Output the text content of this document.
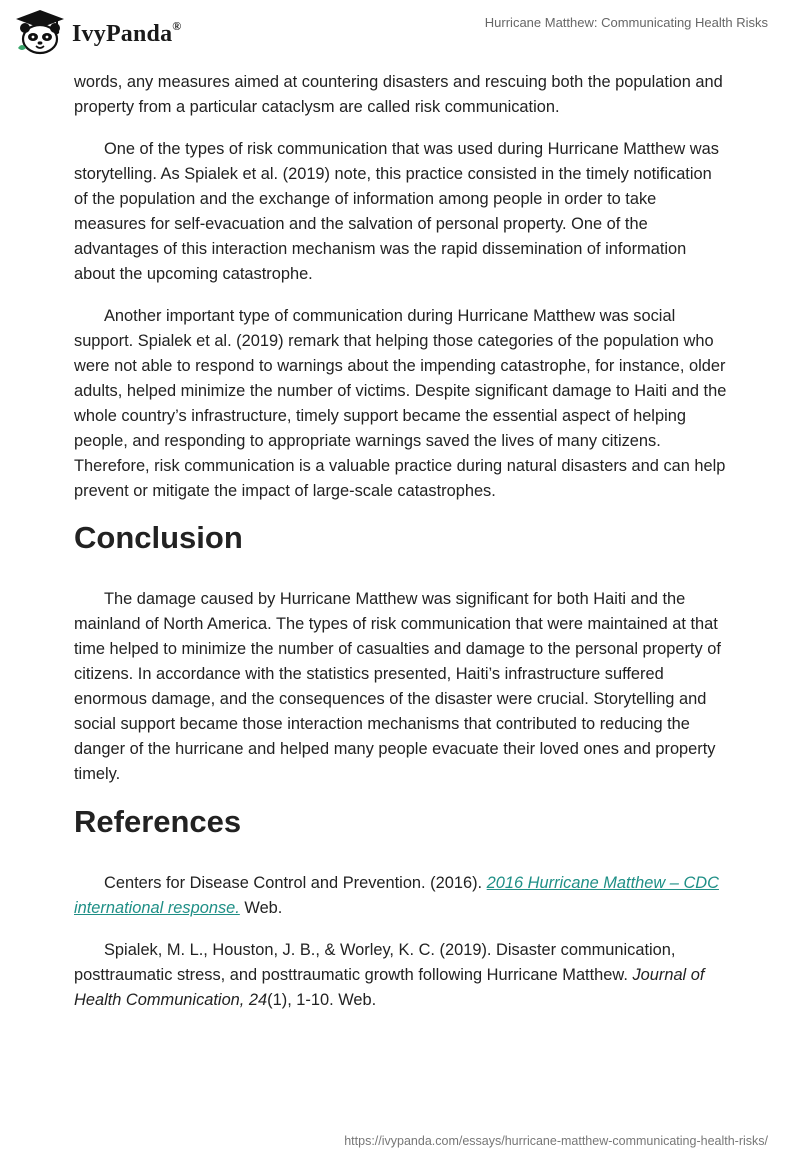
IvyPanda®	Hurricane Matthew: Communicating Health Risks

words, any measures aimed at countering disasters and rescuing both the population and property from a particular cataclysm are called risk communication.

One of the types of risk communication that was used during Hurricane Matthew was storytelling. As Spialek et al. (2019) note, this practice consisted in the timely notification of the population and the exchange of information among people in order to take measures for self-evacuation and the salvation of personal property. One of the advantages of this interaction mechanism was the rapid dissemination of information about the upcoming catastrophe.

Another important type of communication during Hurricane Matthew was social support. Spialek et al. (2019) remark that helping those categories of the population who were not able to respond to warnings about the impending catastrophe, for instance, older adults, helped minimize the number of victims. Despite significant damage to Haiti and the whole country’s infrastructure, timely support became the essential aspect of helping people, and responding to appropriate warnings saved the lives of many citizens. Therefore, risk communication is a valuable practice during natural disasters and can help prevent or mitigate the impact of large-scale catastrophes.

Conclusion

The damage caused by Hurricane Matthew was significant for both Haiti and the mainland of North America. The types of risk communication that were maintained at that time helped to minimize the number of casualties and damage to the personal property of citizens. In accordance with the statistics presented, Haiti’s infrastructure suffered enormous damage, and the consequences of the disaster were crucial. Storytelling and social support became those interaction mechanisms that contributed to reducing the danger of the hurricane and helped many people evacuate their loved ones and property timely.

References

Centers for Disease Control and Prevention. (2016). 2016 Hurricane Matthew – CDC international response. Web.

Spialek, M. L., Houston, J. B., & Worley, K. C. (2019). Disaster communication, posttraumatic stress, and posttraumatic growth following Hurricane Matthew. Journal of Health Communication, 24(1), 1-10. Web.

https://ivypanda.com/essays/hurricane-matthew-communicating-health-risks/
